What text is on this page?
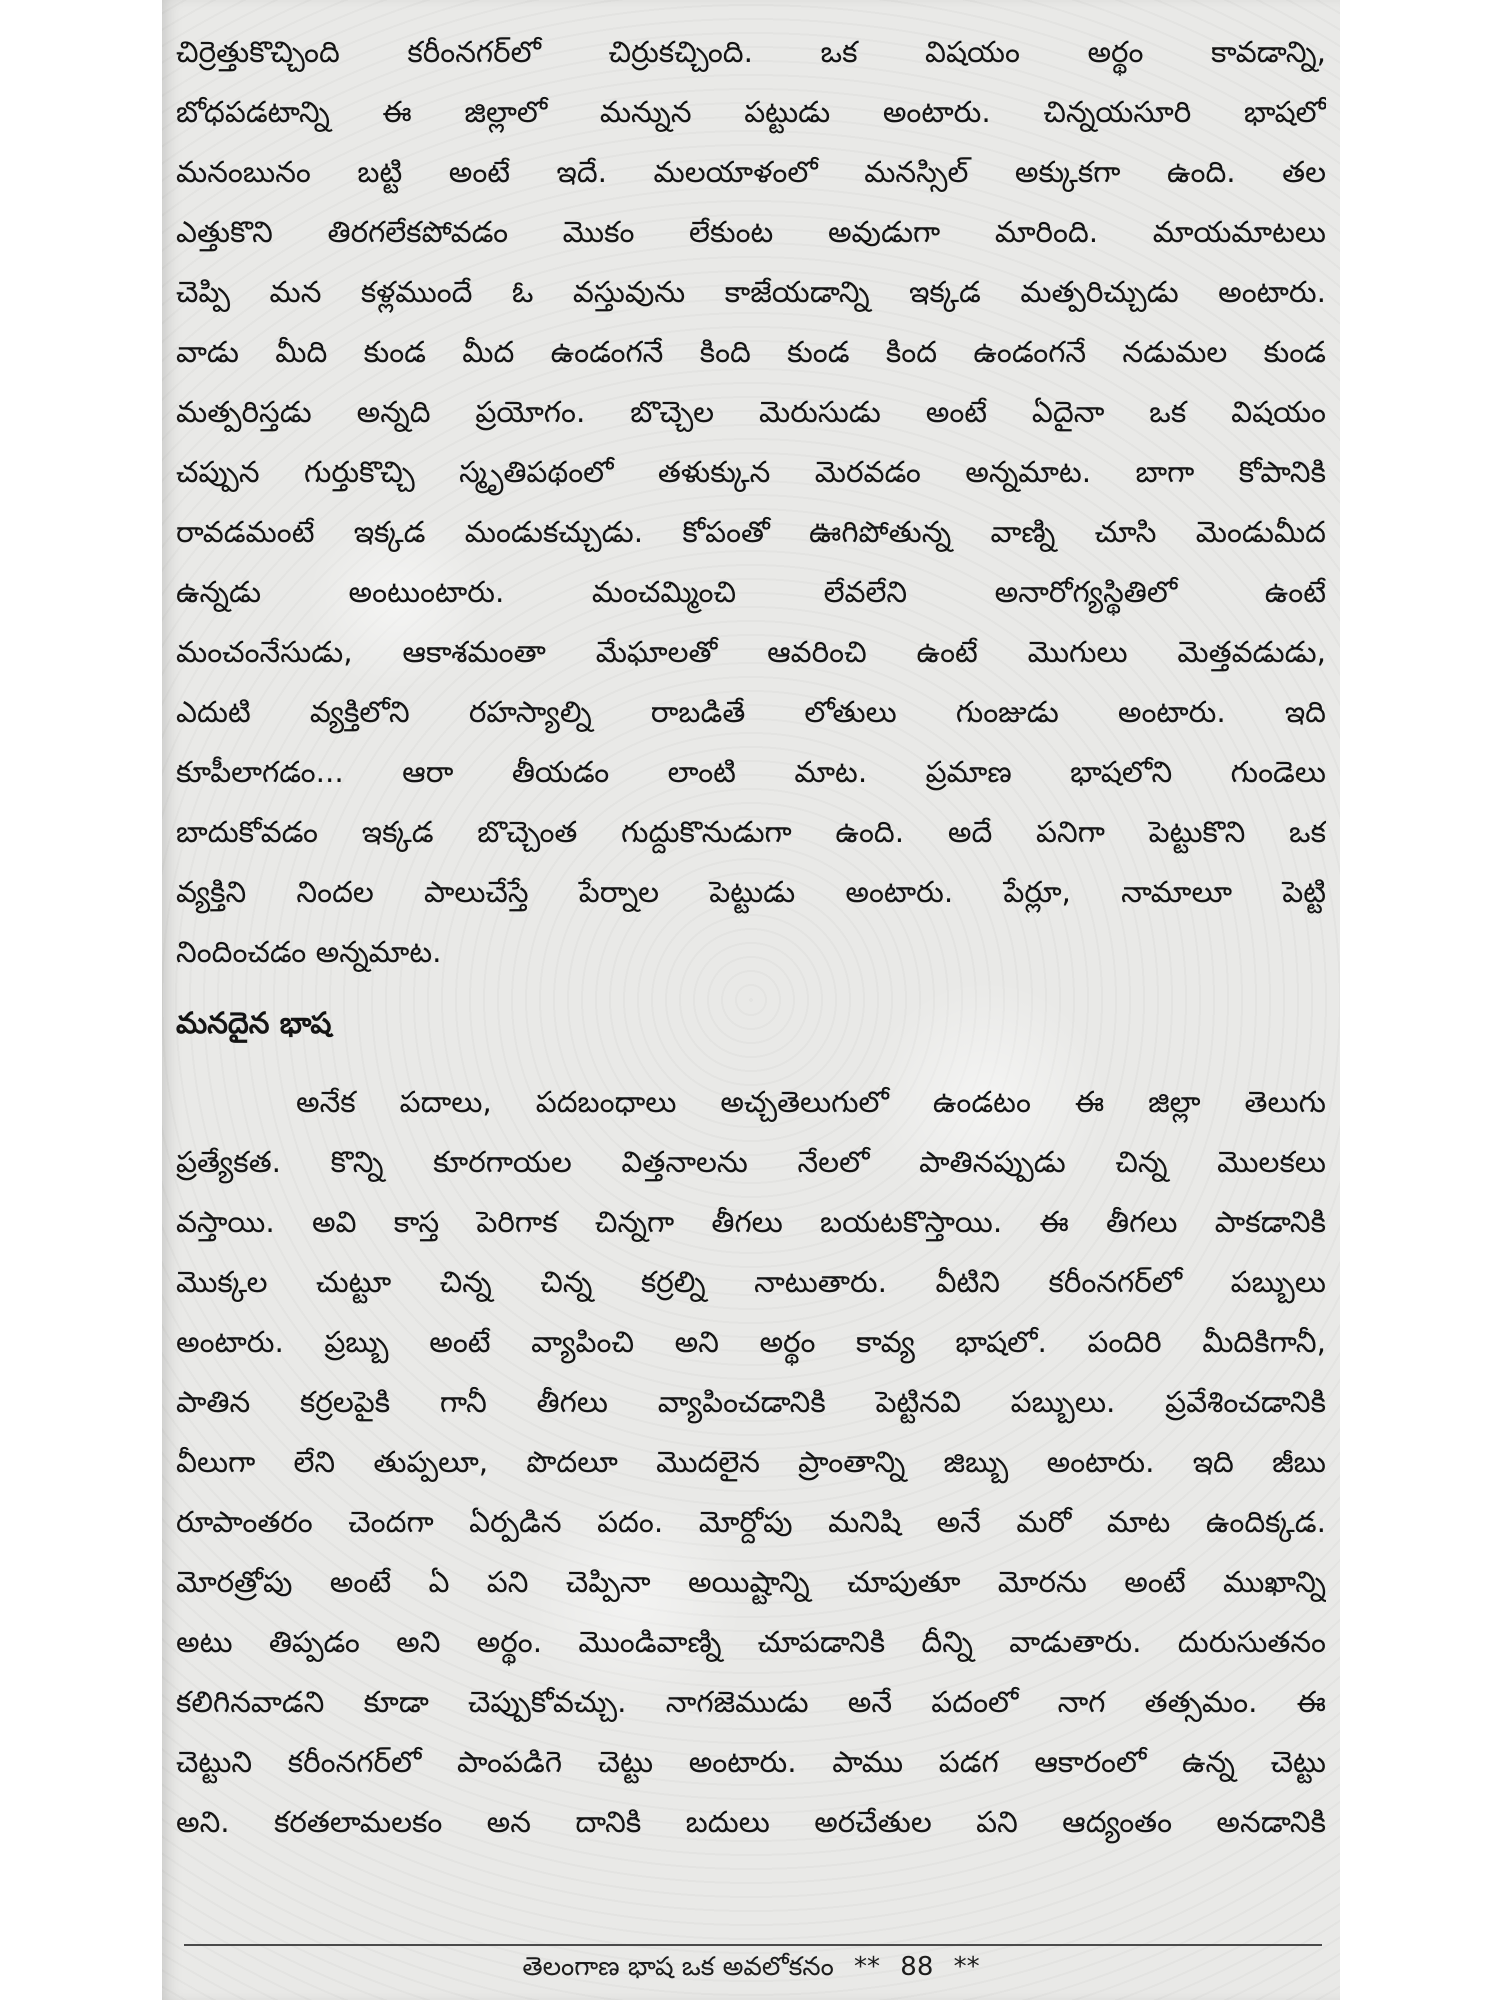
చిర్రెత్తుకొచ్చింది కరీంనగర్‌లో చిర్రుకచ్చింది. ఒక విషయం అర్థం కావడాన్ని,
బోధపడటాన్ని ఈ జిల్లాలో మన్నున పట్టుడు అంటారు. చిన్నయసూరి భాషలో
మనంబునం బట్టి అంటే ఇదే. మలయాళంలో మనస్సిల్ అక్కుకగా ఉంది. తల
ఎత్తుకొని తిరగలేకపోవడం మొకం లేకుంట అవుడుగా మారింది. మాయమాటలు
చెప్పి మన కళ్లముందే ఓ వస్తువును కాజేయడాన్ని ఇక్కడ మత్పరిచ్చుడు అంటారు.
వాడు మీది కుండ మీద ఉండంగనే కింది కుండ కింద ఉండంగనే నడుమల కుండ
మత్పరిస్తడు అన్నది ప్రయోగం. బొచ్చెల మెరుసుడు అంటే ఏదైనా ఒక విషయం
చప్పున గుర్తుకొచ్చి స్మృతిపథంలో తళుక్కున మెరవడం అన్నమాట. బాగా కోపానికి
రావడమంటే ఇక్కడ మండుకచ్చుడు. కోపంతో ఊగిపోతున్న వాణ్ని చూసి మెండుమీద
ఉన్నడు అంటుంటారు. మంచమ్మించి లేవలేని అనారోగ్యస్థితిలో ఉంటే
మంచంనేసుడు, ఆకాశమంతా మేఘాలతో ఆవరించి ఉంటే మొగులు మెత్తవడుడు,
ఎదుటి వ్యక్తిలోని రహస్యాల్ని రాబడితే లోతులు గుంజుడు అంటారు. ఇది
కూపీలాగడం... ఆరా తీయడం లాంటి మాట. ప్రమాణ భాషలోని గుండెలు
బాదుకోవడం ఇక్కడ బొచ్చెంత గుద్దుకొనుడుగా ఉంది. అదే పనిగా పెట్టుకొని ఒక
వ్యక్తిని నిందల పాలుచేస్తే పేర్నాల పెట్టుడు అంటారు. పేర్లూ, నామాలూ పెట్టి
నిందించడం అన్నమాట.
మనదైన భాష
అనేక పదాలు, పదబంధాలు అచ్చతెలుగులో ఉండటం ఈ జిల్లా తెలుగు
ప్రత్యేకత. కొన్ని కూరగాయల విత్తనాలను నేలలో పాతినప్పుడు చిన్న మొలకలు
వస్తాయి. అవి కాస్త పెరిగాక చిన్నగా తీగలు బయటకొస్తాయి. ఈ తీగలు పాకడానికి
మొక్కల చుట్టూ చిన్న చిన్న కర్రల్ని నాటుతారు. వీటిని కరీంనగర్‌లో పబ్బులు
అంటారు. ప్రబ్బు అంటే వ్యాపించి అని అర్థం కావ్య భాషలో. పందిరి మీదికిగానీ,
పాతిన కర్రలపైకి గానీ తీగలు వ్యాపించడానికి పెట్టినవి పబ్బులు. ప్రవేశించడానికి
వీలుగా లేని తుప్పలూ, పొదలూ మొదలైన ప్రాంతాన్ని జిబ్బు అంటారు. ఇది జీబు
రూపాంతరం చెందగా ఏర్పడిన పదం. మోర్దోపు మనిషి అనే మరో మాట ఉందిక్కడ.
మోరత్రోపు అంటే ఏ పని చెప్పినా అయిష్టాన్ని చూపుతూ మోరను అంటే ముఖాన్ని
అటు తిప్పడం అని అర్థం. మొండివాణ్ని చూపడానికి దీన్ని వాడుతారు. దురుసుతనం
కలిగినవాడని కూడా చెప్పుకోవచ్చు. నాగజెముడు అనే పదంలో నాగ తత్సమం. ఈ
చెట్టుని కరీంనగర్‌లో పాంపడిగె చెట్టు అంటారు. పాము పడగ ఆకారంలో ఉన్న చెట్టు
అని. కరతలామలకం అన దానికి బదులు అరచేతుల పని ఆద్యంతం అనడానికి
తెలంగాణ భాష ఒక అవలోకనం ** 88 **
